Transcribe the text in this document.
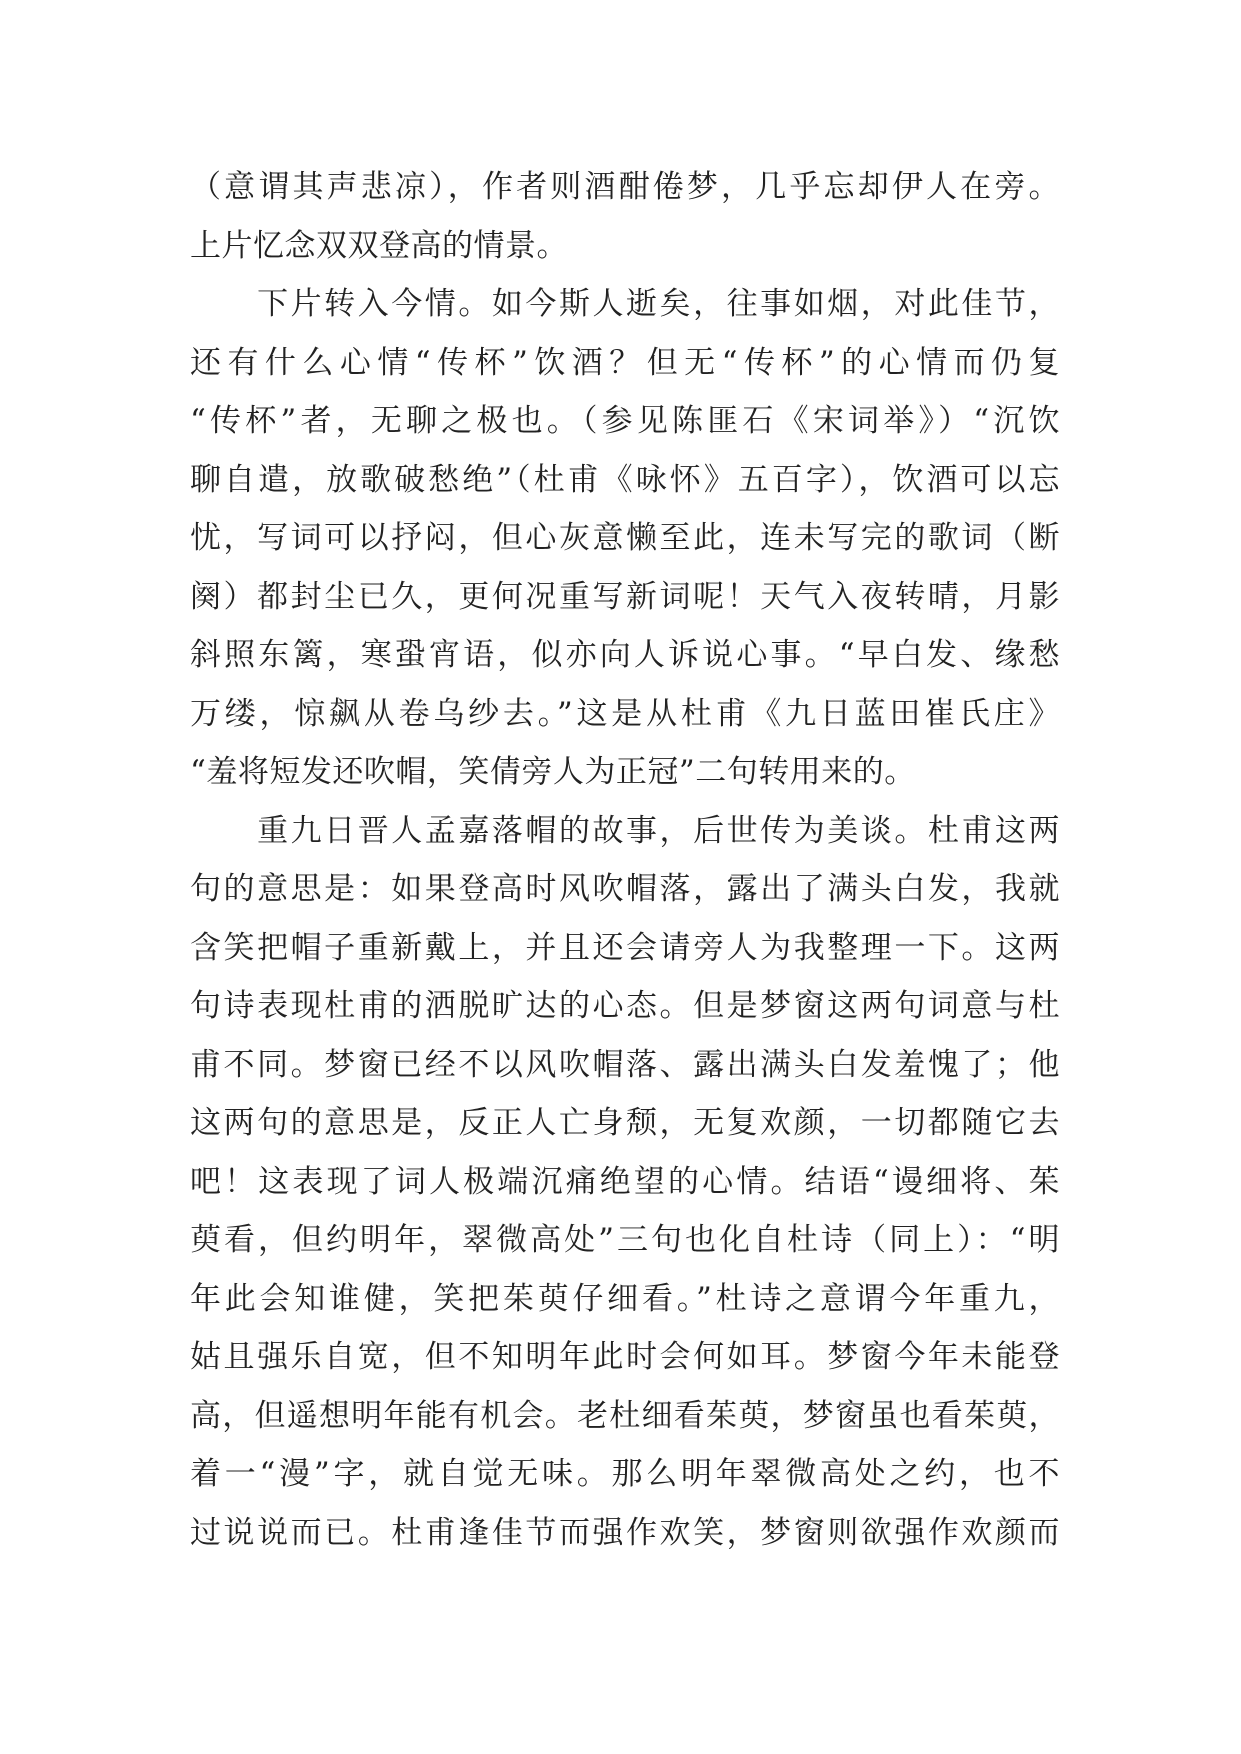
（意谓其声悲凉），作者则酒酣倦梦，几乎忘却伊人在旁。
上片忆念双双登高的情景。
　　下片转入今情。如今斯人逝矣，往事如烟，对此佳节，
还有什么心情“传杯”饮酒？但无“传杯”的心情而仍复
“传杯”者，无聊之极也。（参见陈匪石《宋词举》）“沉饮
聊自遣，放歌破愁绝”（杜甫《咏怀》五百字），饮酒可以忘
忧，写词可以抒闷，但心灰意懒至此，连未写完的歌词（断
阕）都封尘已久，更何况重写新词呢！天气入夜转晴，月影
斜照东篱，寒蛩宵语，似亦向人诉说心事。“早白发、缘愁
万缕，惊飙从卷乌纱去。”这是从杜甫《九日蓝田崔氏庄》
“羞将短发还吹帽，笑倩旁人为正冠”二句转用来的。
　　重九日晋人孟嘉落帽的故事，后世传为美谈。杜甫这两
句的意思是：如果登高时风吹帽落，露出了满头白发，我就
含笑把帽子重新戴上，并且还会请旁人为我整理一下。这两
句诗表现杜甫的洒脱旷达的心态。但是梦窗这两句词意与杜
甫不同。梦窗已经不以风吹帽落、露出满头白发羞愧了；他
这两句的意思是，反正人亡身颓，无复欢颜，一切都随它去
吧！这表现了词人极端沉痛绝望的心情。结语“谩细将、茱
萸看，但约明年，翠微高处”三句也化自杜诗（同上）：“明
年此会知谁健，笑把茱萸仔细看。”杜诗之意谓今年重九，
姑且强乐自宽，但不知明年此时会何如耳。梦窗今年未能登
高，但遥想明年能有机会。老杜细看茱萸，梦窗虽也看茱萸，
着一“漫”字，就自觉无味。那么明年翠微高处之约，也不
过说说而已。杜甫逢佳节而强作欢笑，梦窗则欲强作欢颜而
